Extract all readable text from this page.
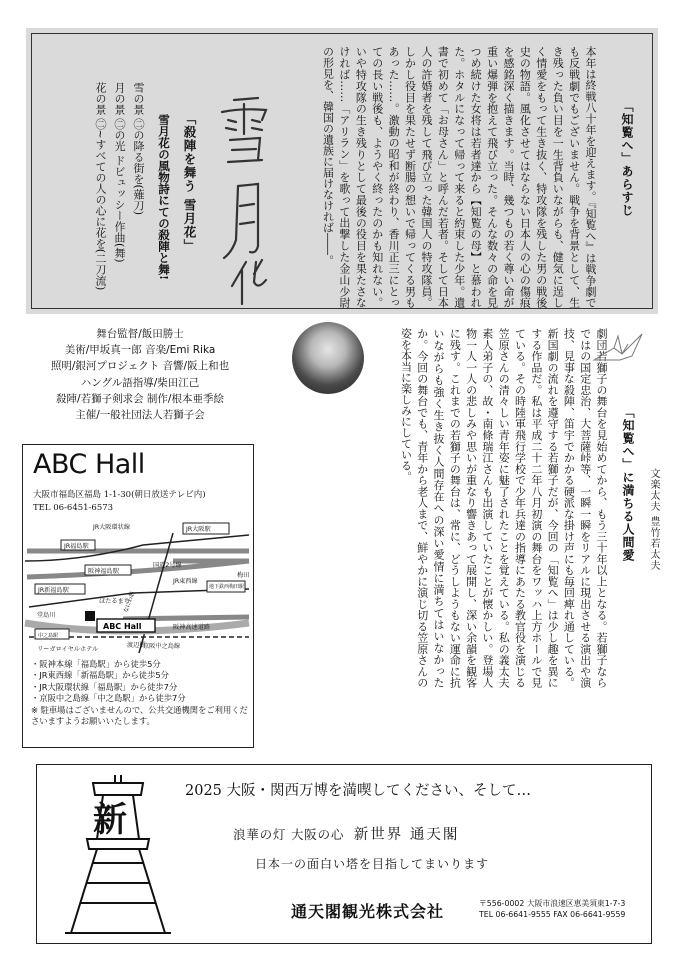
「知覧へ」あらすじ
本年は終戦八十年を迎えます。『知覧へ』は戦争劇でも反戦劇でもございません。戦争を背景として、生き残った負い目を一生背負いながらも、健気に逞しく情愛をもって生き抜く、特攻隊を残した男の戦後史の物語。風化させてはならない日本人の心の傷痕を感銘深く描きます。当時、幾つもの若く尊い命が重い爆弾を抱えて飛び立った。そんな数々の命を見つめ続けた女将は若者達から【知覧の母】と慕われた。ホタルになって帰って来ると約束した少年。遺書で初めて「お母さん」と呼んだ若者。そして日本人の許婚者を残して飛び立った韓国人の特攻隊員。しかし役目を果たせず断腸の想いで帰ってくる男もあった……。激動の昭和が終わり、香川正三にとっての長い戦後も、ようやく終ったのかも知れない。いや特攻隊の生き残りとして最後の役目を果たさなければ……「アリラン」を歌って出撃した金山少尉の形見を、韓国の遺族に届けなければ――。
「殺陣を舞う 雪月花」
雪月花の風物詩にての殺陣と舞!
雪の景 ㊁の降る街を(薙刀)
月の景 ㊁の光 ドビュッシー作曲(舞)
花の景 ㊁~すべての人の心に花を(二刀流)
舞台監督/飯田勝士
美術/甲坂真一郎 音楽/Emi Rika
照明/銀河プロジェクト 音響/阪上和也
ハングル語指導/柴田江己
殺陣/若獅子剣求会 制作/根本亜季絵
主催/一般社団法人若獅子会
ABC Hall
大阪市福島区福島 1-1-30(朝日放送テレビ内)
TEL 06-6451-6573
JR大阪環状線	JR大阪駅
JR福島駅
阪神福島駅
JR新福島駅
ほたるまち
堂島川
JR東西線
阪神高速道路
京阪中之島線
リーガロイヤルホテル
国道2号線
渡辺橋
梅田
地下鉄西梅田駅
中之島駅
ABC Hall
なにわ筋
・阪神本線「福島駅」から徒歩5分
・JR東西線「新福島駅」から徒歩5分
・JR大阪環状線「福島駅」から徒歩7分
・京阪中之島線「中之島駅」から徒歩7分
※ 駐車場はございませんので、公共交通機関をご利用くださいますようお願いいたします。
劇団若獅子の舞台を見始めてから、もう三十年以上となる。若獅子ならではの国定忠治、大菩薩峠等、一瞬一瞬をリアルに現出させる演出や演技、見事な殺陣、笛宇でかかる硬派な掛け声にも毎回痺れ通している。新国劇の流れを遵守する若獅子だが、今回の「知覧へ」は少し趣を異にする作品だ。私は平成二十二年八月初演の舞台をワッハ上方ホールで見ている。その時陸軍飛行学校で少年兵達の指導にあたる教官役を演じる笠原さんの清々しい青年姿に魅了されたことを覚えている。私の義太夫素人弟子の、故・南條瑞江さんも出演していたことが懐かしい。登場人物一人一人の悲しみや思いが重なり響きあって展開し、深い余韻を観客に残す。これまでの若獅子の舞台は、常に、どうしようもない運命に抗いながらも強く生き抜く人間存在への深い愛情に満ちてはいなかったか。今回の舞台でも、青年から老人まで、鮮やかに演じ切る笠原さんの姿を本当に楽しみにしている。
「知覧へ」に満ちる人間愛 文楽太夫 豊竹若太夫
新
2025 大阪・関西万博を満喫してください、そして…
浪華の灯 大阪の心 新世界 通天閣
日本一の面白い塔を目指してまいります
通天閣観光株式会社	〒556-0002 大阪市浪速区恵美須東1-7-3
TEL 06-6641-9555 FAX 06-6641-9559
